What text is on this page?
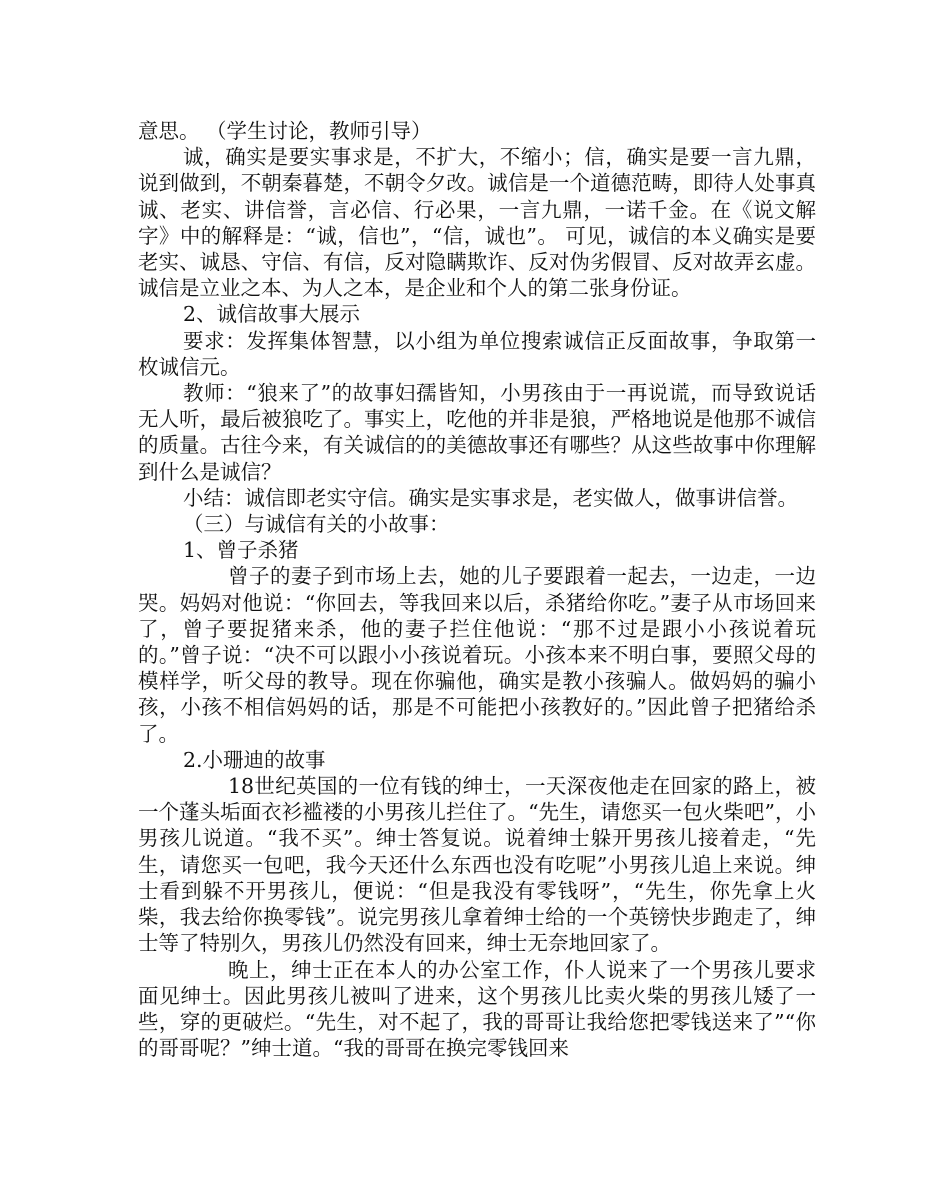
意思。 （学生讨论，教师引导）

诚，确实是要实事求是，不扩大，不缩小；信，确实是要一言九鼎，说到做到，不朝秦暮楚，不朝令夕改。诚信是一个道德范畴，即待人处事真诚、老实、讲信誉，言必信、行必果，一言九鼎，一诺千金。在《说文解字》中的解释是：“诚，信也”，“信，诚也”。 可见，诚信的本义确实是要老实、诚恳、守信、有信，反对隐瞒欺诈、反对伪劣假冒、反对故弄玄虚。诚信是立业之本、为人之本，是企业和个人的第二张身份证。

2、诚信故事大展示

要求：发挥集体智慧，以小组为单位搜索诚信正反面故事，争取第一枚诚信元。

教师：“狼来了”的故事妇孺皆知，小男孩由于一再说谎，而导致说话无人听，最后被狼吃了。事实上，吃他的并非是狼，严格地说是他那不诚信的质量。古往今来，有关诚信的的美德故事还有哪些？从这些故事中你理解到什么是诚信？

小结：诚信即老实守信。确实是实事求是，老实做人，做事讲信誉。

（三）与诚信有关的小故事：

1、曾子杀猪

曾子的妻子到市场上去，她的儿子要跟着一起去，一边走，一边哭。妈妈对他说：“你回去，等我回来以后，杀猪给你吃。”妻子从市场回来了，曾子要捉猪来杀，他的妻子拦住他说：“那不过是跟小小孩说着玩的。”曾子说：“决不可以跟小小孩说着玩。小孩本来不明白事，要照父母的模样学，听父母的教导。现在你骗他，确实是教小孩骗人。做妈妈的骗小孩，小孩不相信妈妈的话，那是不可能把小孩教好的。”因此曾子把猪给杀了。

2.小珊迪的故事

18世纪英国的一位有钱的绅士，一天深夜他走在回家的路上，被一个蓬头垢面衣衫褴褛的小男孩儿拦住了。“先生，请您买一包火柴吧”，小男孩儿说道。“我不买”。绅士答复说。说着绅士躲开男孩儿接着走，“先生，请您买一包吧，我今天还什么东西也没有吃呢”小男孩儿追上来说。绅士看到躲不开男孩儿，便说：“但是我没有零钱呀”，“先生，你先拿上火柴，我去给你换零钱”。说完男孩儿拿着绅士给的一个英镑快步跑走了，绅士等了特别久，男孩儿仍然没有回来，绅士无奈地回家了。

晚上，绅士正在本人的办公室工作，仆人说来了一个男孩儿要求面见绅士。因此男孩儿被叫了进来，这个男孩儿比卖火柴的男孩儿矮了一些，穿的更破烂。“先生，对不起了，我的哥哥让我给您把零钱送来了”“你的哥哥呢？”绅士道。“我的哥哥在换完零钱回来
